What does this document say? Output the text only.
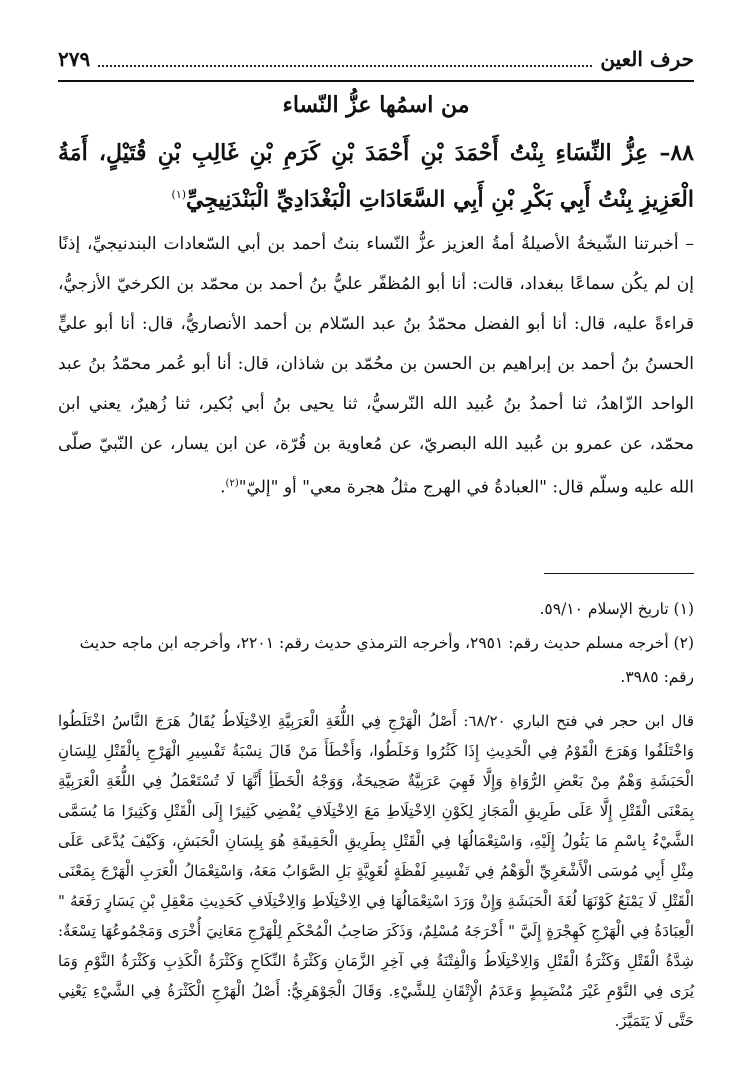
حرف العين
٢٧٩
من اسمُها عزُّ النّساء
٨٨– عِزُّ النِّسَاءِ بِنْتُ أَحْمَدَ بْنِ أَحْمَدَ بْنِ كَرَمِ بْنِ غَالِبِ بْنِ قُتَيْلٍ، أَمَةُ الْعَزِيزِ بِنْتُ أَبِي بَكْرِ بْنِ أَبِي السَّعَادَاتِ الْبَغْدَادِيِّ الْبَنْدَنِيجِيِّ$^{(١)}$
– أخبرتنا الشّيخةُ الأصيلةُ أمةُ العزيز عزُّ النّساء بنتُ أحمد بن أبي السّعادات البندنيجيِّ، إذنًا إن لم يكُن سماعًا ببغداد، قالت: أنا أبو المُظفّر عليُّ بنُ أحمد بن محمّد بن الكرخيّ الأزجيُّ، قراءةً عليه، قال: أنا أبو الفضل محمّدُ بنُ عبد السّلام بن أحمد الأنصاريُّ، قال: أنا أبو عليٍّ الحسنُ بنُ أحمد بن إبراهيم بن الحسن بن محُمّد بن شاذان، قال: أنا أبو عُمر محمّدُ بنُ عبد الواحد الزّاهدُ، ثنا أحمدُ بنُ عُبيد الله النّرسيُّ، ثنا يحيى بنُ أبي بُكير، ثنا زُهيرٌ، يعني ابن محمّد، عن عمرو بن عُبيد الله البصريّ، عن مُعاوية بن قُرّة، عن ابن يسار، عن النّبيّ صلّى الله عليه وسلّم قال: "العبادةُ في الهرج مثلُ هجرة معي" أو "إليّ"$^{(٢)}$.

(١) تاريخ الإسلام ٥٩/١٠.

(٢) أخرجه مسلم حديث رقم: ٢٩٥١، وأخرجه الترمذي حديث رقم: ٢٢٠١، وأخرجه ابن ماجه حديث رقم: ٣٩٨٥.

قال ابن حجر في فتح الباري ٦٨/٢٠: أَصْلُ الْهَرْجِ فِي اللُّغَةِ الْعَرَبِيَّةِ الِاخْتِلَاطُ يُقَالُ هَرَجَ النَّاسُ اخْتَلَطُوا وَاخْتَلَفُوا وَهَرَجَ الْقَوْمُ فِي الْحَدِيثِ إِذَا كَثُرُوا وَخَلَطُوا، وَأَخْطَأَ مَنْ قَالَ نِسْبَةُ تَفْسِيرِ الْهَرْجِ بِالْقَتْلِ لِلِسَانِ الْحَبَشَةِ وَهْمٌ مِنْ بَعْضِ الرُّوَاةِ وَإِلَّا فَهِيَ عَرَبِيَّةٌ صَحِيحَةٌ، وَوَجْهُ الْخَطَأِ أَنَّهَا لَا تُسْتَعْمَلُ فِي اللُّغَةِ الْعَرَبِيَّةِ بِمَعْنَى الْقَتْلِ إِلَّا عَلَى طَرِيقِ الْمَجَازِ لِكَوْنِ الِاخْتِلَاطِ مَعَ الِاخْتِلَافِ يُفْضِي كَثِيرًا إِلَى الْقَتْلِ وَكَثِيرًا مَا يُسَمَّى الشَّيْءُ بِاسْمِ مَا يَئُولُ إِلَيْهِ، وَاسْتِعْمَالُهَا فِي الْقَتْلِ بِطَرِيقِ الْحَقِيقَةِ هُوَ بِلِسَانِ الْحَبَشِ، وَكَيْفَ يُدَّعَى عَلَى مِثْلِ أَبِي مُوسَى الْأَشْعَرِيِّ الْوَهْمُ فِي تَفْسِيرِ لَفْظَةٍ لُغَوِيَّةٍ بَلِ الصَّوَابُ مَعَهُ، وَاسْتِعْمَالُ الْعَرَبِ الْهَرْجَ بِمَعْنَى الْقَتْلِ لَا يَمْنَعُ كَوْنَهَا لُغَةَ الْحَبَشَةِ وَإِنْ وَرَدَ اسْتِعْمَالُهَا فِي الِاخْتِلَاطِ وَالِاخْتِلَافِ كَحَدِيثِ مَعْقِلِ بْنِ يَسَارٍ رَفَعَهُ " الْعِبَادَةُ فِي الْهَرْجِ كَهِجْرَةٍ إِلَيَّ " أَخْرَجَهُ مُسْلِمٌ، وَذَكَرَ صَاحِبُ الْمُحْكَمِ لِلْهَرْجِ مَعَانِيَ أُخْرَى وَمَجْمُوعُهَا تِسْعَةٌ: شِدَّةُ الْقَتْلِ وَكَثْرَةُ الْقَتْلِ وَالِاخْتِلَاطُ وَالْفِتْنَةُ فِي آخِرِ الزَّمَانِ وَكَثْرَةُ النِّكَاحِ وَكَثْرَةُ الْكَذِبِ وَكَثْرَةُ النَّوْمِ وَمَا يُرَى فِي النَّوْمِ غَيْرَ مُنْضَبِطٍ وَعَدَمُ الْإِتْقَانِ لِلشَّيْءِ. وَقَالَ الْجَوْهَرِيُّ: أَصْلُ الْهَرْجِ الْكَثْرَةُ فِي الشَّيْءِ يَعْنِي حَتَّى لَا يَتَمَيَّزَ.
